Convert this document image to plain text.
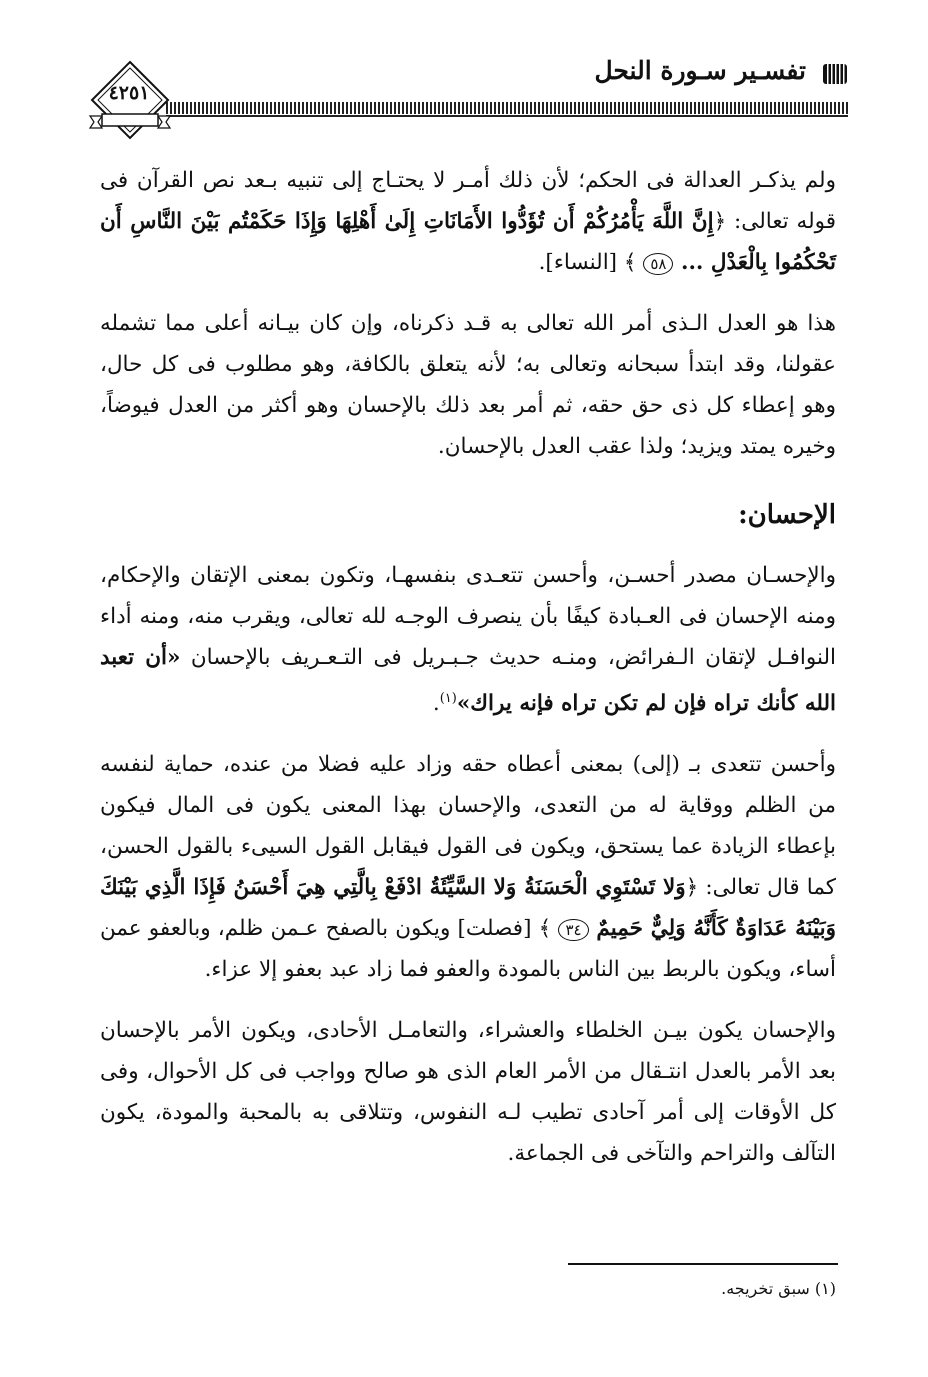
تفسـير سـورة النحل
٤٢٥١

ولم يذكـر العدالة فى الحكم؛ لأن ذلك أمـر لا يحتـاج إلى تنبيه بـعد نص القرآن فى قوله تعالى: ﴿إِنَّ اللَّهَ يَأْمُرُكُمْ أَن تُؤَدُّوا الأَمَانَاتِ إِلَىٰ أَهْلِهَا وَإِذَا حَكَمْتُم بَيْنَ النَّاسِ أَن تَحْكُمُوا بِالْعَدْلِ ... ٥٨ ﴾ [النساء].

هذا هو العدل الـذى أمر الله تعالى به قـد ذكرناه، وإن كان بيـانه أعلى مما تشمله عقولنا، وقد ابتدأ سبحانه وتعالى به؛ لأنه يتعلق بالكافة، وهو مطلوب فى كل حال، وهو إعطاء كل ذى حق حقه، ثم أمر بعد ذلك بالإحسان وهو أكثر من العدل فيوضاً، وخيره يمتد ويزيد؛ ولذا عقب العدل بالإحسان.

الإحسان:

والإحسـان مصدر أحسـن، وأحسن تتعـدى بنفسهـا، وتكون بمعنى الإتقان والإحكام، ومنه الإحسان فى العـبادة كيفًا بأن ينصرف الوجـه لله تعالى، ويقرب منه، ومنه أداء النوافـل لإتقان الـفرائض، ومنـه حديث جـبـريل فى التـعـريف بالإحسان «أن تعبد الله كأنك تراه فإن لم تكن تراه فإنه يراك»$^{(١)}$.

وأحسن تتعدى بـ (إلى) بمعنى أعطاه حقه وزاد عليه فضلا من عنده، حماية لنفسه من الظلم ووقاية له من التعدى، والإحسان بهذا المعنى يكون فى المال فيكون بإعطاء الزيادة عما يستحق، ويكون فى القول فيقابل القول السيىء بالقول الحسن، كما قال تعالى: ﴿وَلا تَسْتَوِي الْحَسَنَةُ وَلا السَّيِّئَةُ ادْفَعْ بِالَّتِي هِيَ أَحْسَنُ فَإِذَا الَّذِي بَيْنَكَ وَبَيْنَهُ عَدَاوَةٌ كَأَنَّهُ وَلِيٌّ حَمِيمٌ ٣٤ ﴾ [فصلت] ويكون بالصفح عـمن ظلم، وبالعفو عمن أساء، ويكون بالربط بين الناس بالمودة والعفو فما زاد عبد بعفو إلا عزاء.

والإحسان يكون بيـن الخلطاء والعشراء، والتعامـل الأحادى، ويكون الأمر بالإحسان بعد الأمر بالعدل انتـقال من الأمر العام الذى هو صالح وواجب فى كل الأحوال، وفى كل الأوقات إلى أمر آحادى تطيب لـه النفوس، وتتلاقى به بالمحبة والمودة، يكون التآلف والتراحم والتآخى فى الجماعة.

(١) سبق تخريجه.
